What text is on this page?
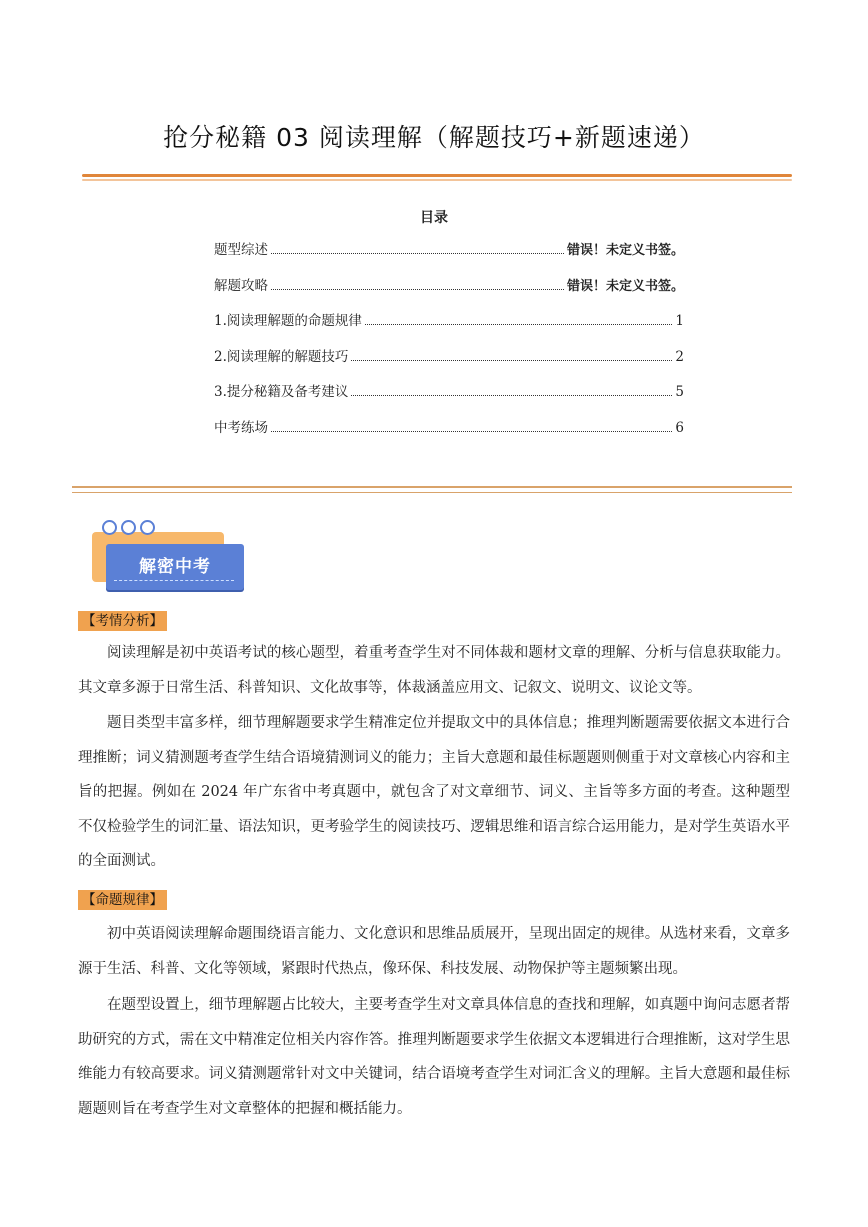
抢分秘籍 03 阅读理解（解题技巧+新题速递）
目录
题型综述	错误！未定义书签。
解题攻略	错误！未定义书签。
1.阅读理解题的命题规律	1
2.阅读理解的解题技巧	2
3.提分秘籍及备考建议	5
中考练场	6
解密中考
【考情分析】

阅读理解是初中英语考试的核心题型，着重考查学生对不同体裁和题材文章的理解、分析与信息获取能力。其文章多源于日常生活、科普知识、文化故事等，体裁涵盖应用文、记叙文、说明文、议论文等。

题目类型丰富多样，细节理解题要求学生精准定位并提取文中的具体信息；推理判断题需要依据文本进行合理推断；词义猜测题考查学生结合语境猜测词义的能力；主旨大意题和最佳标题题则侧重于对文章核心内容和主旨的把握。例如在 2024 年广东省中考真题中，就包含了对文章细节、词义、主旨等多方面的考查。这种题型不仅检验学生的词汇量、语法知识，更考验学生的阅读技巧、逻辑思维和语言综合运用能力，是对学生英语水平的全面测试。

【命题规律】

初中英语阅读理解命题围绕语言能力、文化意识和思维品质展开，呈现出固定的规律。从选材来看，文章多源于生活、科普、文化等领域，紧跟时代热点，像环保、科技发展、动物保护等主题频繁出现。

在题型设置上，细节理解题占比较大，主要考查学生对文章具体信息的查找和理解，如真题中询问志愿者帮助研究的方式，需在文中精准定位相关内容作答。推理判断题要求学生依据文本逻辑进行合理推断，这对学生思维能力有较高要求。词义猜测题常针对文中关键词，结合语境考查学生对词汇含义的理解。主旨大意题和最佳标题题则旨在考查学生对文章整体的把握和概括能力。
